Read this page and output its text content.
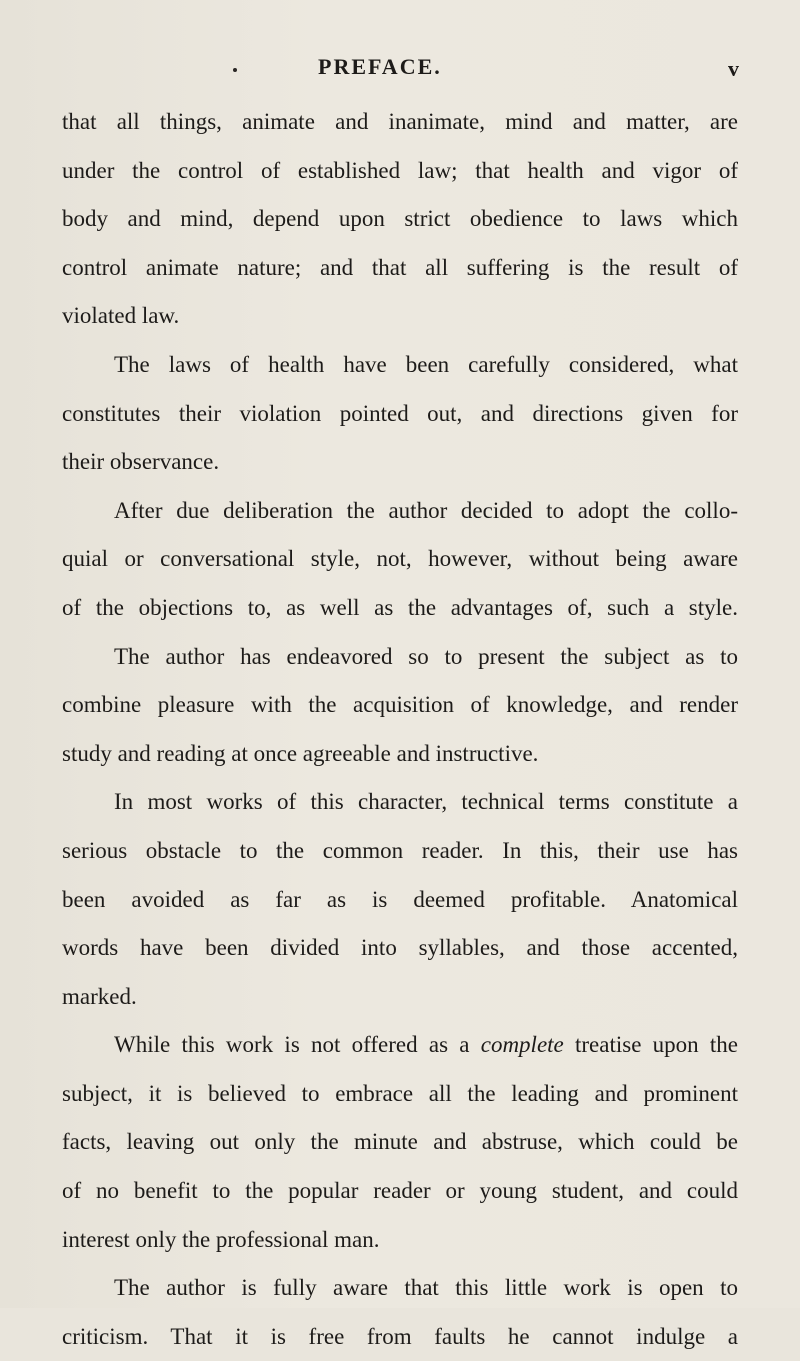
PREFACE.	v
that all things, animate and inanimate, mind and matter, are
under the control of established law; that health and vigor of
body and mind, depend upon strict obedience to laws which
control animate nature; and that all suffering is the result of
violated law.
The laws of health have been carefully considered, what
constitutes their violation pointed out, and directions given for
their observance.
After due deliberation the author decided to adopt the collo-
quial or conversational style, not, however, without being aware
of the objections to, as well as the advantages of, such a style.
The author has endeavored so to present the subject as to
combine pleasure with the acquisition of knowledge, and render
study and reading at once agreeable and instructive.
In most works of this character, technical terms constitute a
serious obstacle to the common reader. In this, their use has
been avoided as far as is deemed profitable. Anatomical
words have been divided into syllables, and those accented,
marked.
While this work is not offered as a complete treatise upon the
subject, it is believed to embrace all the leading and prominent
facts, leaving out only the minute and abstruse, which could be
of no benefit to the popular reader or young student, and could
interest only the professional man.
The author is fully aware that this little work is open to
criticism. That it is free from faults he cannot indulge a
